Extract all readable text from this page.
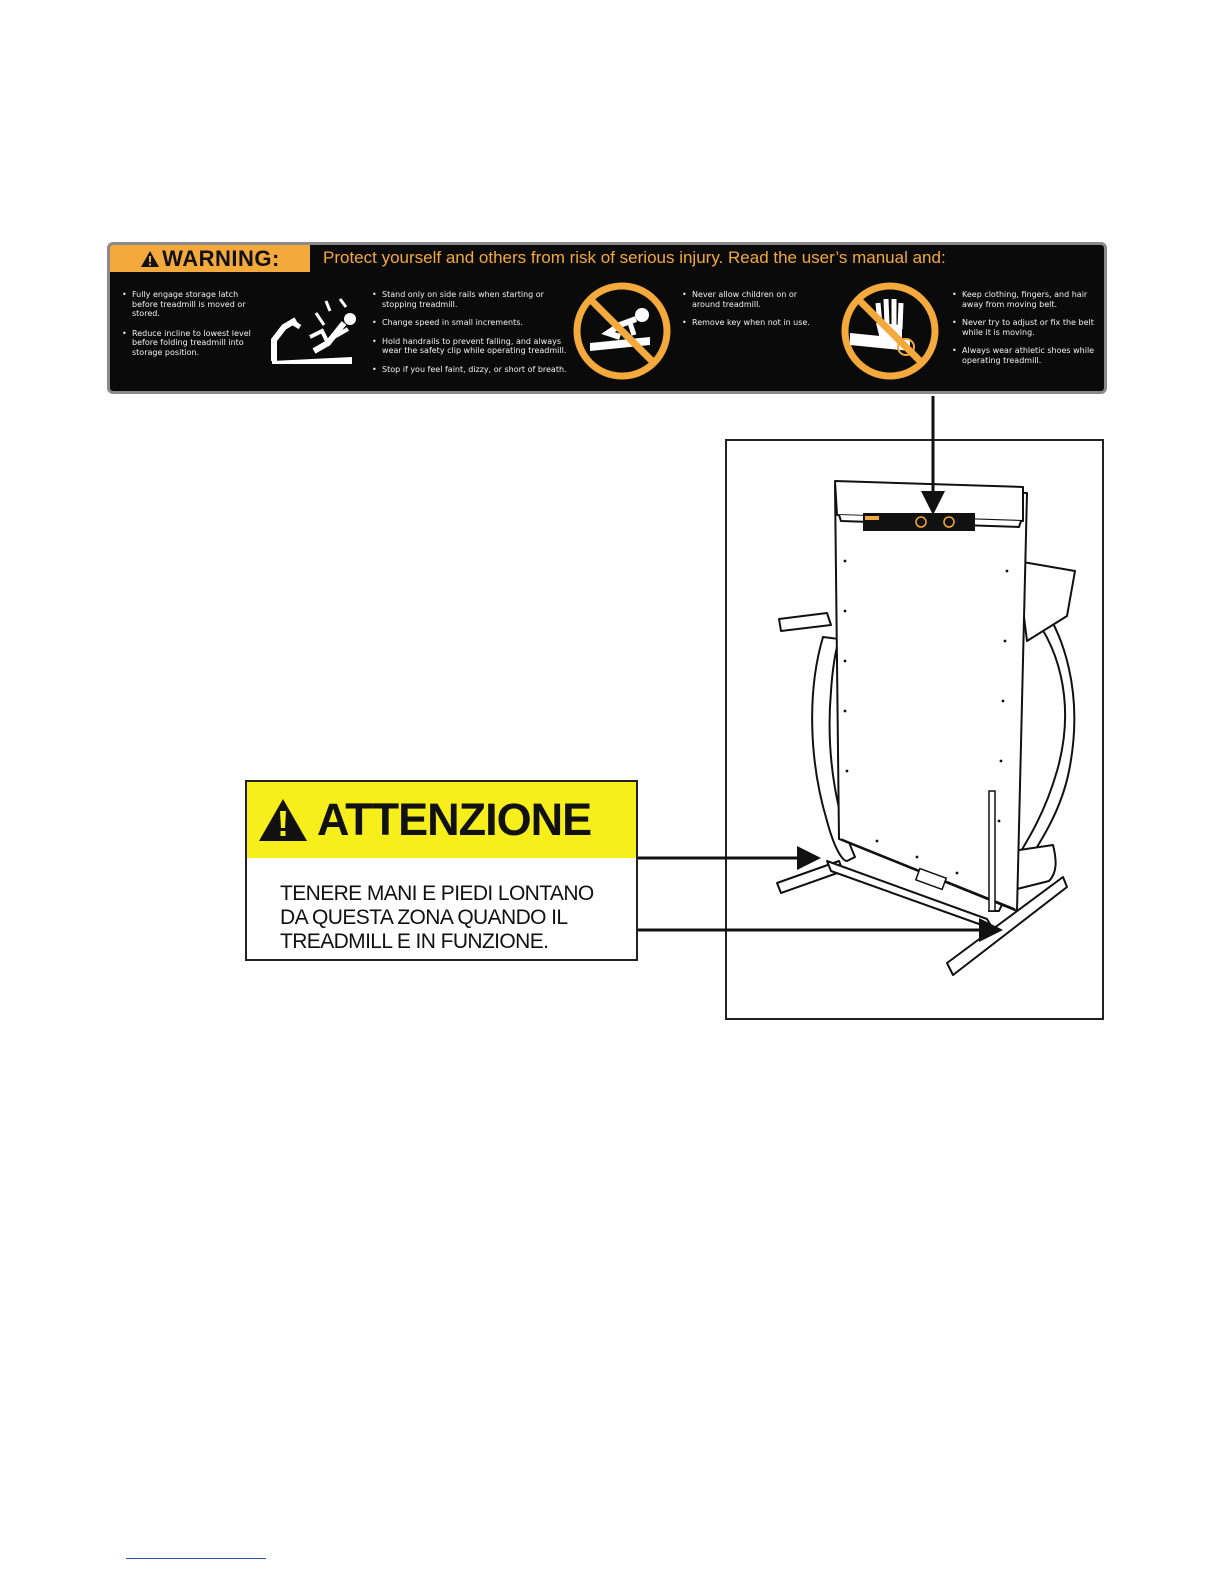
WARNING:	Protect yourself and others from risk of serious injury. Read the user’s manual and:
• Fully engage storage latch before treadmill is moved or stored.
• Reduce incline to lowest level before folding treadmill into storage position.
• Stand only on side rails when starting or stopping treadmill.
• Change speed in small increments.
• Hold handrails to prevent falling, and always wear the safety clip while operating treadmill.
• Stop if you feel faint, dizzy, or short of breath.
• Never allow children on or around treadmill.
• Remove key when not in use.
• Keep clothing, fingers, and hair away from moving belt.
• Never try to adjust or fix the belt while it is moving.
• Always wear athletic shoes while operating treadmill.
ATTENZIONE
TENERE MANI E PIEDI LONTANO
DA QUESTA ZONA QUANDO IL
TREADMILL E IN FUNZIONE.
